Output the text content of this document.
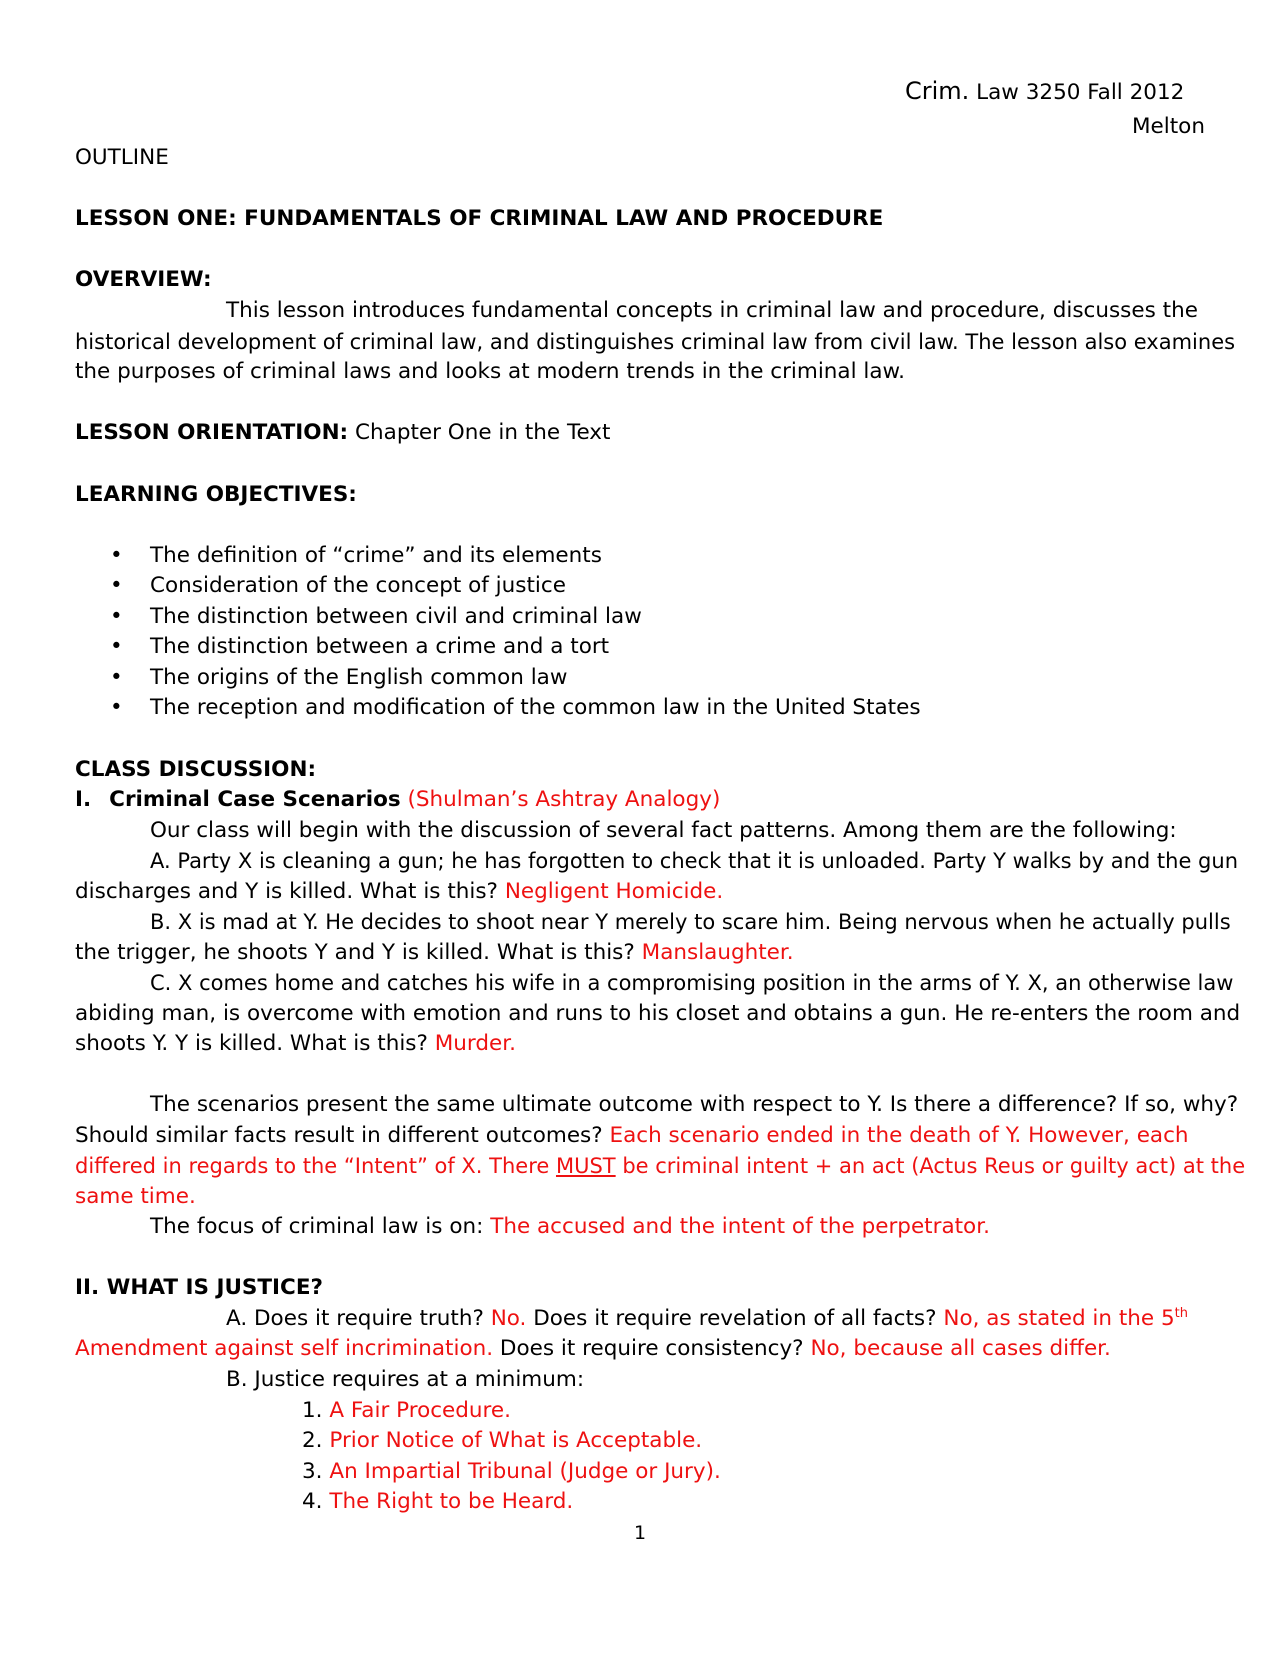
Crim. Law 3250 Fall 2012
Melton
OUTLINE
LESSON ONE: FUNDAMENTALS OF CRIMINAL LAW AND PROCEDURE
OVERVIEW:
This lesson introduces fundamental concepts in criminal law and procedure, discusses the
historical development of criminal law, and distinguishes criminal law from civil law. The lesson also examines
the purposes of criminal laws and looks at modern trends in the criminal law.
LESSON ORIENTATION: Chapter One in the Text
LEARNING OBJECTIVES:
• The definition of “crime” and its elements
• Consideration of the concept of justice
• The distinction between civil and criminal law
• The distinction between a crime and a tort
• The origins of the English common law
• The reception and modification of the common law in the United States
CLASS DISCUSSION:
I. Criminal Case Scenarios (Shulman’s Ashtray Analogy)
Our class will begin with the discussion of several fact patterns. Among them are the following:
A. Party X is cleaning a gun; he has forgotten to check that it is unloaded. Party Y walks by and the gun
discharges and Y is killed. What is this? Negligent Homicide.
B. X is mad at Y. He decides to shoot near Y merely to scare him. Being nervous when he actually pulls
the trigger, he shoots Y and Y is killed. What is this? Manslaughter.
C. X comes home and catches his wife in a compromising position in the arms of Y. X, an otherwise law
abiding man, is overcome with emotion and runs to his closet and obtains a gun. He re-enters the room and
shoots Y. Y is killed. What is this? Murder.
The scenarios present the same ultimate outcome with respect to Y. Is there a difference? If so, why?
Should similar facts result in different outcomes? Each scenario ended in the death of Y. However, each
differed in regards to the “Intent” of X. There MUST be criminal intent + an act (Actus Reus or guilty act) at the
same time.
The focus of criminal law is on: The accused and the intent of the perpetrator.
II. WHAT IS JUSTICE?
A. Does it require truth? No. Does it require revelation of all facts? No, as stated in the 5th
Amendment against self incrimination. Does it require consistency? No, because all cases differ.
B. Justice requires at a minimum:
1. A Fair Procedure.
2. Prior Notice of What is Acceptable.
3. An Impartial Tribunal (Judge or Jury).
4. The Right to be Heard.
1
